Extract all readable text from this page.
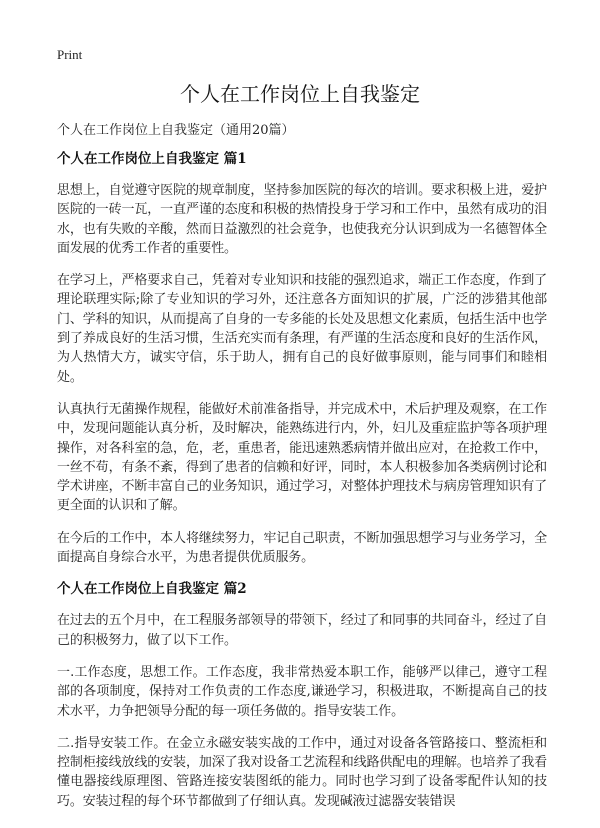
Print
个人在工作岗位上自我鉴定

个人在工作岗位上自我鉴定（通用20篇）

个人在工作岗位上自我鉴定 篇1

思想上，自觉遵守医院的规章制度，坚持参加医院的每次的培训。要求积极上进，爱护医院的一砖一瓦，一直严谨的态度和积极的热情投身于学习和工作中，虽然有成功的泪水，也有失败的辛酸，然而日益激烈的社会竟争，也使我充分认识到成为一名德智体全面发展的优秀工作者的重要性。

在学习上，严格要求自己，凭着对专业知识和技能的强烈追求，端正工作态度，作到了理论联理实际;除了专业知识的学习外，还注意各方面知识的扩展，广泛的涉猎其他部门、学科的知识，从而提高了自身的一专多能的长处及思想文化素质，包括生活中也学到了养成良好的生活习惯，生活充实而有条理，有严谨的生活态度和良好的生活作风，为人热情大方，诚实守信，乐于助人，拥有自己的良好做事原则，能与同事们和睦相处。

认真执行无菌操作规程，能做好术前准备指导，并完成术中，术后护理及观察，在工作中，发现问题能认真分析，及时解决，能熟练进行内，外，妇儿及重症监护等各项护理操作，对各科室的急，危，老，重患者，能迅速熟悉病情并做出应对，在抢救工作中，一丝不苟，有条不紊，得到了患者的信赖和好评，同时，本人积极参加各类病例讨论和学术讲座，不断丰富自己的业务知识，通过学习，对整体护理技术与病房管理知识有了更全面的认识和了解。

在今后的工作中，本人将继续努力，牢记自己职责，不断加强思想学习与业务学习，全面提高自身综合水平，为患者提供优质服务。

个人在工作岗位上自我鉴定 篇2

在过去的五个月中，在工程服务部领导的带领下，经过了和同事的共同奋斗，经过了自己的积极努力，做了以下工作。

一.工作态度，思想工作。工作态度，我非常热爱本职工作，能够严以律己，遵守工程部的各项制度，保持对工作负责的工作态度,谦逊学习，积极进取，不断提高自己的技术水平，力争把领导分配的每一项任务做的。指导安装工作。

二.指导安装工作。在金立永磁安装实战的工作中，通过对设备各管路接口、整流柜和控制柜接线放线的安装，加深了我对设备工艺流程和线路供配电的理解。也培养了我看懂电器接线原理图、管路连接安装图纸的能力。同时也学习到了设备零配件认知的技巧。安装过程的每个环节都做到了仔细认真。发现碱液过滤器安装错误
